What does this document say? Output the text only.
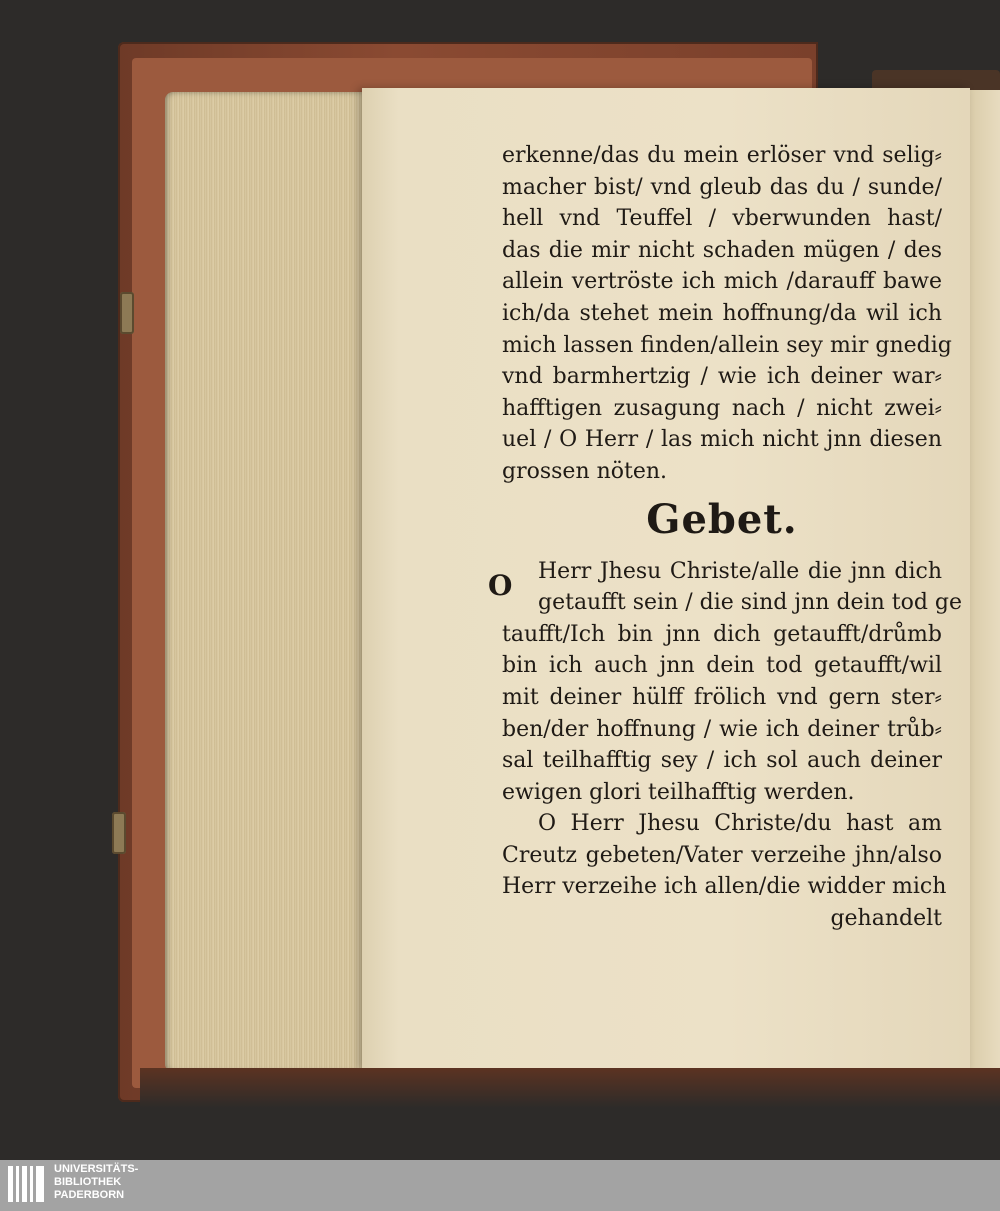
erkenne/das du mein erlöser vnd selig⸗
macher bist/ vnd gleub das du / sunde/
hell vnd Teuffel / vberwunden hast/
das die mir nicht schaden mügen / des
allein vertröste ich mich /darauff bawe
ich/da stehet mein hoffnung/da wil ich
mich lassen finden/allein sey mir gnedig
vnd barmhertzig / wie ich deiner war⸗
hafftigen zusagung nach / nicht zwei⸗
uel / O Herr / las mich nicht jnn diesen
grossen nöten.
Gebet.
O	Herr Jhesu Christe/alle die jnn dich
getaufft sein / die sind jnn dein tod ge
taufft/Ich bin jnn dich getaufft/drůmb
bin ich auch jnn dein tod getaufft/wil
mit deiner hülff frölich vnd gern ster⸗
ben/der hoffnung / wie ich deiner trůb⸗
sal teilhafftig sey / ich sol auch deiner
ewigen glori teilhafftig werden.
O Herr Jhesu Christe/du hast am
Creutz gebeten/Vater verzeihe jhn/also
Herr verzeihe ich allen/die widder mich
gehandelt
UNIVERSITÄTS-
BIBLIOTHEK
PADERBORN
